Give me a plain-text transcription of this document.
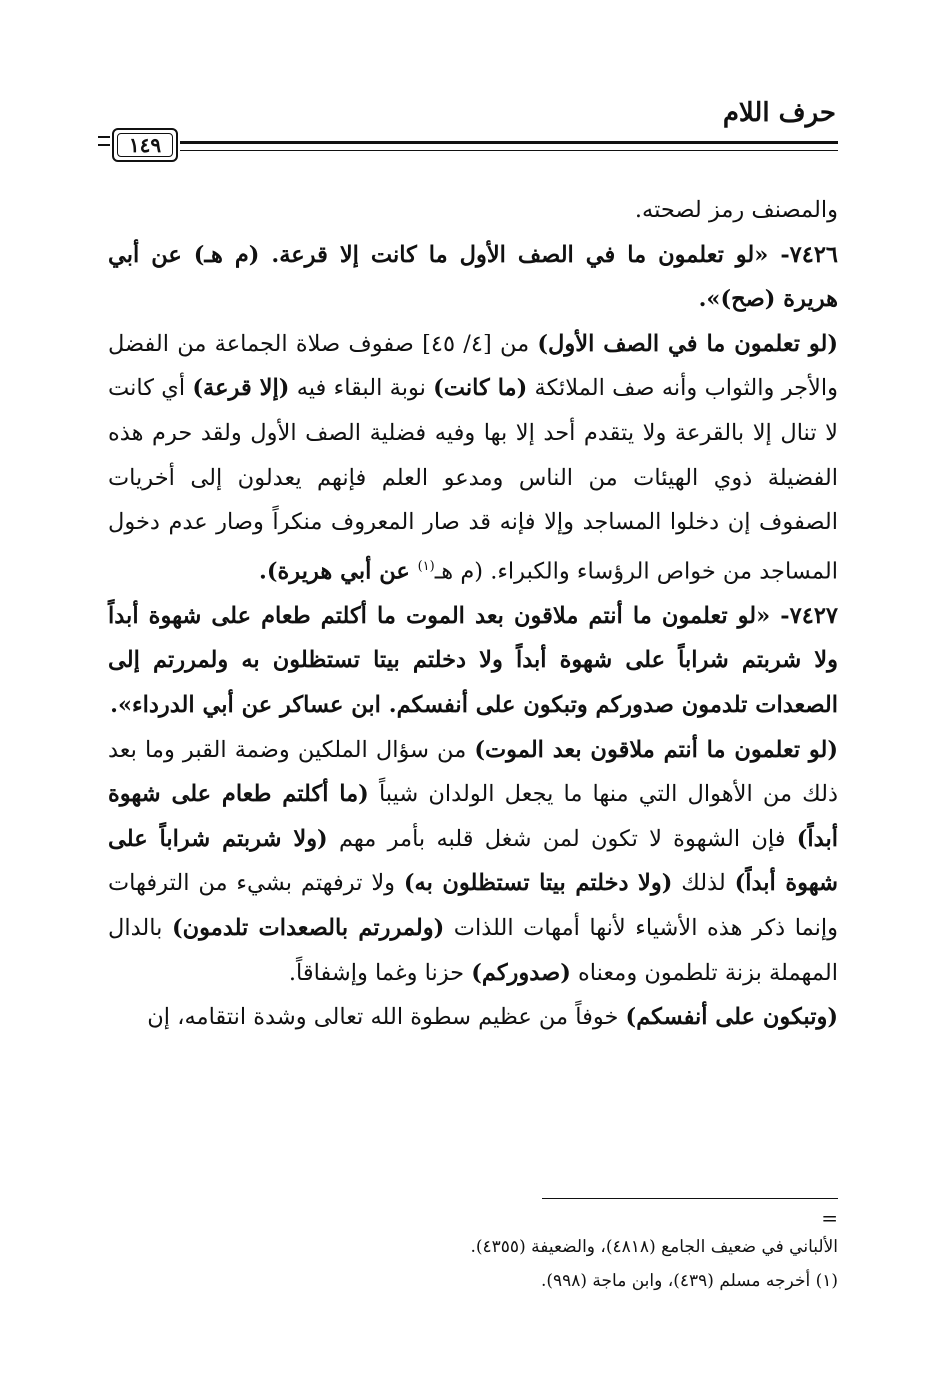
حرف اللام
١٤٩

والمصنف رمز لصحته.

٧٤٢٦- «لو تعلمون ما في الصف الأول ما كانت إلا قرعة. (م هـ) عن أبي هريرة (صح)».

(لو تعلمون ما في الصف الأول) من [٤/ ٤٥] صفوف صلاة الجماعة من الفضل والأجر والثواب وأنه صف الملائكة (ما كانت) نوبة البقاء فيه (إلا قرعة) أي كانت لا تنال إلا بالقرعة ولا يتقدم أحد إلا بها وفيه فضلية الصف الأول ولقد حرم هذه الفضيلة ذوي الهيئات من الناس ومدعو العلم فإنهم يعدلون إلى أخريات الصفوف إن دخلوا المساجد وإلا فإنه قد صار المعروف منكراً وصار عدم دخول المساجد من خواص الرؤساء والكبراء. (م هـ$^{(١)}$ عن أبي هريرة).

٧٤٢٧- «لو تعلمون ما أنتم ملاقون بعد الموت ما أكلتم طعام على شهوة أبداً ولا شربتم شراباً على شهوة أبداً ولا دخلتم بيتا تستظلون به ولمررتم إلى الصعدات تلدمون صدوركم وتبكون على أنفسكم. ابن عساكر عن أبي الدرداء».

(لو تعلمون ما أنتم ملاقون بعد الموت) من سؤال الملكين وضمة القبر وما بعد ذلك من الأهوال التي منها ما يجعل الولدان شيباً (ما أكلتم طعام على شهوة أبداً) فإن الشهوة لا تكون لمن شغل قلبه بأمر مهم (ولا شربتم شراباً على شهوة أبداً) لذلك (ولا دخلتم بيتا تستظلون به) ولا ترفهتم بشيء من الترفهات وإنما ذكر هذه الأشياء لأنها أمهات اللذات (ولمررتم بالصعدات تلدمون) بالدال المهملة بزنة تلطمون ومعناه (صدوركم) حزنا وغما وإشفاقاً.

(وتبكون على أنفسكم) خوفاً من عظيم سطوة الله تعالى وشدة انتقامه، إن

=

الألباني في ضعيف الجامع (٤٨١٨)، والضعيفة (٤٣٥٥).

(١) أخرجه مسلم (٤٣٩)، وابن ماجة (٩٩٨).
